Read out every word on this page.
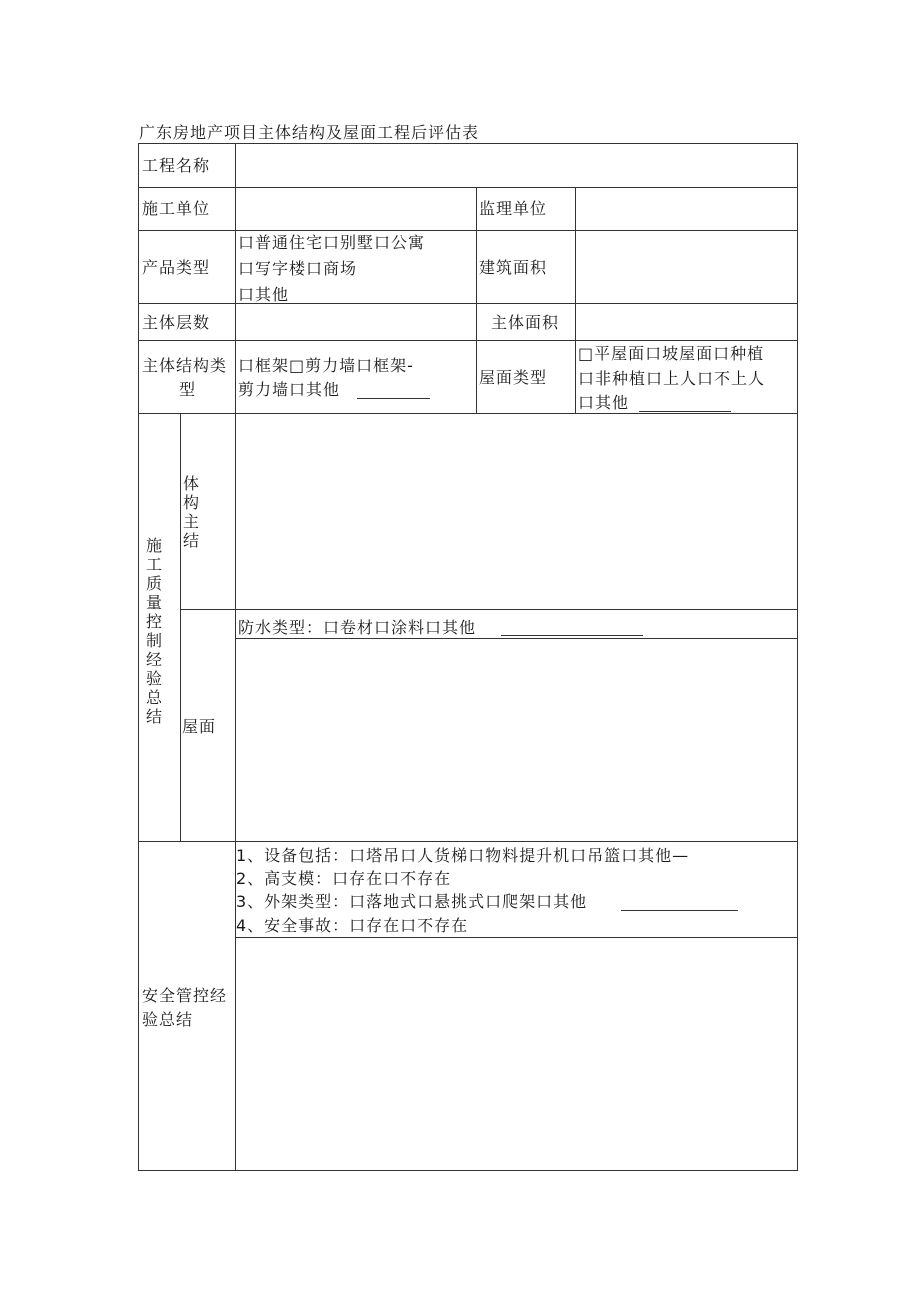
广东房地产项目主体结构及屋面工程后评估表
工程名称
施工单位	监理单位
产品类型
口普通住宅口别墅口公寓
口写字楼口商场
口其他
建筑面积
主体层数	主体面积
主体结构类
型
口框架□剪力墙口框架-
剪力墙口其他
屋面类型
□平屋面口坡屋面口种植
口非种植口上人口不上人
口其他
施工质量控制经验总结
体构主结
防水类型：口卷材口涂料口其他
屋面
安全管控经
验总结
1、设备包括：口塔吊口人货梯口物料提升机口吊篮口其他—
2、高支模：口存在口不存在
3、外架类型：口落地式口悬挑式口爬架口其他
4、安全事故：口存在口不存在
